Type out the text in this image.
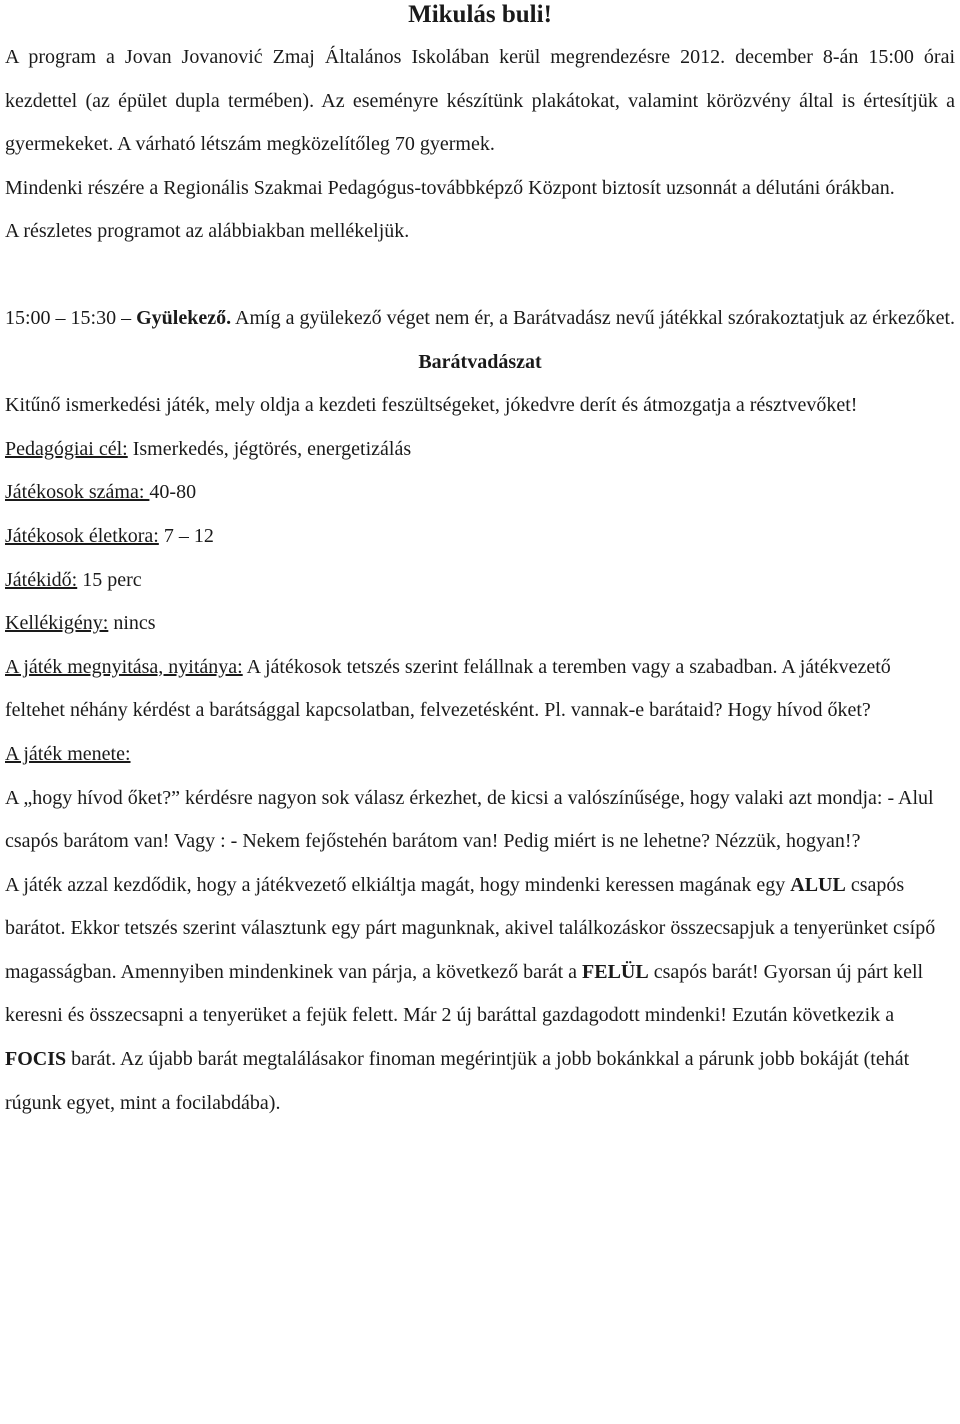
Mikulás buli!

A program a Jovan Jovanović Zmaj Általános Iskolában kerül megrendezésre 2012. december 8-án 15:00 órai kezdettel (az épület dupla termében). Az eseményre készítünk plakátokat, valamint körözvény által is értesítjük a gyermekeket. A várható létszám megközelítőleg 70 gyermek.

Mindenki részére a Regionális Szakmai Pedagógus-továbbképző Központ biztosít uzsonnát a délutáni órákban.

A részletes programot az alábbiakban mellékeljük.

15:00 – 15:30 – Gyülekező. Amíg a gyülekező véget nem ér, a Barátvadász nevű játékkal szórakoztatjuk az érkezőket.

Barátvadászat

Kitűnő ismerkedési játék, mely oldja a kezdeti feszültségeket, jókedvre derít és átmozgatja a résztvevőket!

Pedagógiai cél: Ismerkedés, jégtörés, energetizálás

Játékosok száma: 40-80

Játékosok életkora: 7 – 12

Játékidő: 15 perc

Kellékigény: nincs

A játék megnyitása, nyitánya: A játékosok tetszés szerint felállnak a teremben vagy a szabadban. A játékvezető feltehet néhány kérdést a barátsággal kapcsolatban, felvezetésként. Pl. vannak-e barátaid? Hogy hívod őket?

A játék menete:

A „hogy hívod őket?” kérdésre nagyon sok válasz érkezhet, de kicsi a valószínűsége, hogy valaki azt mondja: - Alul csapós barátom van! Vagy : - Nekem fejőstehén barátom van! Pedig miért is ne lehetne? Nézzük, hogyan!?

A játék azzal kezdődik, hogy a játékvezető elkiáltja magát, hogy mindenki keressen magának egy ALUL csapós barátot. Ekkor tetszés szerint választunk egy párt magunknak, akivel találkozáskor összecsapjuk a tenyerünket csípő magasságban. Amennyiben mindenkinek van párja, a következő barát a FELÜL csapós barát! Gyorsan új párt kell keresni és összecsapni a tenyerüket a fejük felett. Már 2 új baráttal gazdagodott mindenki! Ezután következik a FOCIS barát. Az újabb barát megtalálásakor finoman megérintjük a jobb bokánkkal a párunk jobb bokáját (tehát rúgunk egyet, mint a focilabdába).
